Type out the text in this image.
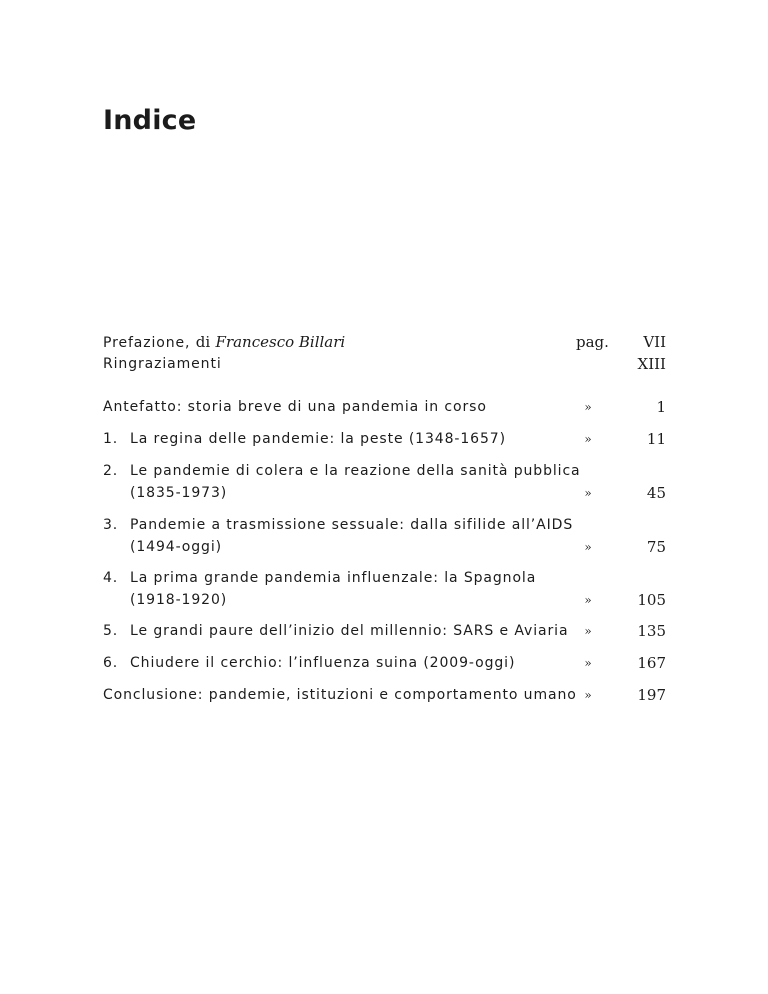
Indice
Prefazione, di Francesco Billari	pag.	VII
Ringraziamenti	XIII
Antefatto: storia breve di una pandemia in corso	»	1
1. La regina delle pandemie: la peste (1348-1657)	»	11
2. Le pandemie di colera e la reazione della sanità pubblica
(1835-1973)	»	45
3. Pandemie a trasmissione sessuale: dalla sifilide all’AIDS
(1494-oggi)	»	75
4. La prima grande pandemia influenzale: la Spagnola
(1918-1920)	»	105
5. Le grandi paure dell’inizio del millennio: SARS e Aviaria	»	135
6. Chiudere il cerchio: l’influenza suina (2009-oggi)	»	167
Conclusione: pandemie, istituzioni e comportamento umano »	197
